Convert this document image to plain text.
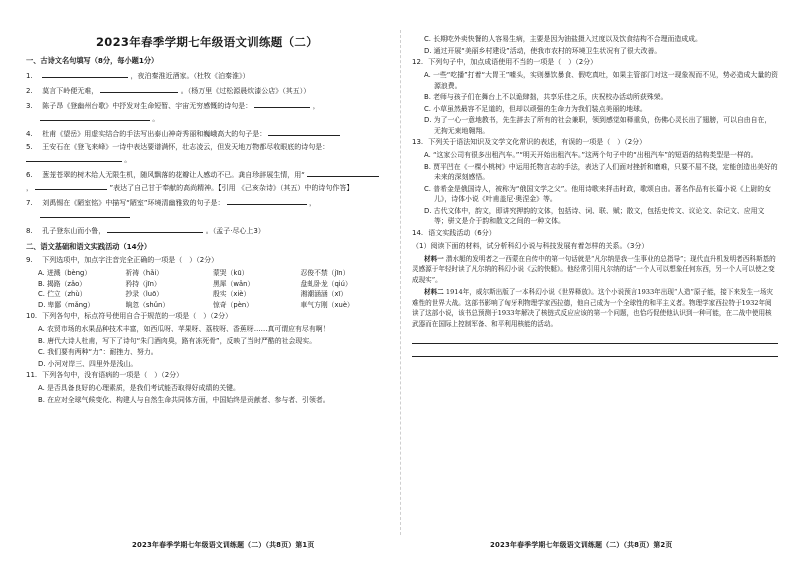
2023年春季学期七年级语文训练题（二）
一、古诗文名句填写（8分，每小题1分）
1.	，夜泊秦淮近酒家。（杜牧《泊秦淮》）
2. 莫言下岭便无难，	。（杨万里《过松源晨炊漆公店》（其五））
3. 陈子昂《登幽州台歌》中抒发对生命短暂、宇宙无穷感慨的诗句是：	，
。
4. 杜甫《望岳》用虚实结合的手法写出泰山神奇秀丽和巍峨高大的句子是：
5. 王安石在《登飞来峰》一诗中表达要谱满怀，壮志凌云，但发天地万物都尽收眼底的诗句是：  。
6. 葱茏苍翠的树木给人无限生机，随风飘落的花瓣让人感动不已。龚自珍辞展生情，用“  ，	”表达了自己甘于奉献的高尚精神。【引用 《己亥杂诗》（其五）中的诗句作答】
7. 刘禹锡在《陋室铭》中描写“陋室”环境清幽雅致的句子是：	，

8. 孔子登东山而小鲁，	。（孟子·尽心上3）
二、语文基础和语文实践活动（14分）
9. 下列选项中，加点字注音完全正确的一项是（　）（2分）
A. 迸溅（bèng）	祈祷（hǎi）	蒙哭（kū）	忍俊不禁（jīn）
B. 揭路（zǎo）	矜持（jīn）	黑犀（wǎn）	盘虬卧龙（qiú）
C. 伫立（zhù）	抄录（luō）	殷实（xiè）	湘潮涵涵（xī）
D. 卑鄙（mǎng）	晌忽（shǔn）	惊奇（pèn）	車气方刚（xuè）
10. 下列各句中，标点符号使用自合于规范的一项是（　）（2分）
A. 农贸市场的水果品种技术丰富，如西瓜呀、苹果呀、荔枝呀、香蕉呀……真可谓应有尽有啊！
B. 唐代大诗人杜甫，写下了诗句“朱门酒肉臭，路有冻死骨”，反映了当时严酷的社会现实。
C. 我们要有两种“力”：耐挫力、努力。
D. 小河对岸三、四里外是浅山。
11. 下列各句中，没有语病的一项是（　）（2分）
A. 是否具备良好的心理素质，是我们考试能否取得好成绩的关键。
B. 在应对全球气候变化、构建人与自然生命共同体方面，中国始终是贡献者、参与者、引领者。
2023年春季学期七年级语文训练题（二）（共8页）第1页
C. 长期吃外卖快餐的人容易生病，主要是因为油盐摄入过度以及饮食结构不合理而造成成。
D. 通过开展“美丽乡村建设”活动，使我市农村的环境卫生状况有了很大改善。
12. 下列句子中，加点成语使用不当的一项是（　）（2分）
A. 一些“吃播”打着“大胃王”噱头，实则暴饮暴食、假吃真吐，如果主管部门对这一现象视而不见，势必造成大量的资源浪费。
B. 老师与孩子们在舞台上不以诡肆拙，共享乐佳之乐，庆祝校办活动所获殊荣。
C. 小草虽然最容不足道的，但却以顽强的生命力为我们装点美丽的地球。
D. 为了一心一意地教书，先生辞去了所有的社会兼职，领到感觉如释重负，伤佛心灵长出了翅膀，可以自由自在，无拘无束地翱翔。
13. 下列关于语法知识及文学文化常识的表述，有误的一项是（　）（2分）
A. “这家公司有很多出租汽车。”“明天开始出租汽车。”这两个句子中的“出租汽车”的短语的结构类型是一样的。
B. 贾平凹在《一棵小桃树》中运用托物言志的手法，表达了人们面对挫折和磨难，只要不屈不挠，定能创造出美好的未来的深刻感悟。
C. 普希金是俄国诗人，被称为“俄国文学之父”。他用诗歌来抨击时政，歌颂自由。著名作品有长篇小说《上尉的女儿》，诗体小说《叶甫盖尼·奥涅金》等。
D. 古代文体中，韵文，即讲究押韵的文体，包括诗、词、联、赋；散文，包括史传文、议论文、杂记文、应用文等；骈文是介于韵和散文之间的一种文体。
14. 语文实践活动（6分）
（1）阅读下面的材料，试分析科幻小说与科技发展有着怎样的关系。（3分）
材料一 潜水艇的发明者之一西蒙在自传中的第一句话就是“凡尔纳是我一生事业的总指导”；现代直升机发明者西科斯基的灵感源于年轻时读了凡尔纳的科幻小说《云的快艇》。他经常引用凡尔纳的话“一个人可以想象任何东西，另一个人可以使之变成现实”。
材料二 1914年，威尔斯出版了一本科幻小说《世界释放》。这个小说预言1933年出现“人造”原子能，接下来发生一场灾难性的世界大战。这部书影响了匈牙利物理学家西拉德，他自己成为一个全球性的和平主义者。物理学家西拉特于1932年阅读了这部小说，该书总预测于1933年解决了核链式反应应该的第一个问题，也恰巧促使他认识到一种可能，在二战中使用核武器而在国际上控制军备、和平利用核能的活动。
2023年春季学期七年级语文训练题（二）（共8页）第2页
